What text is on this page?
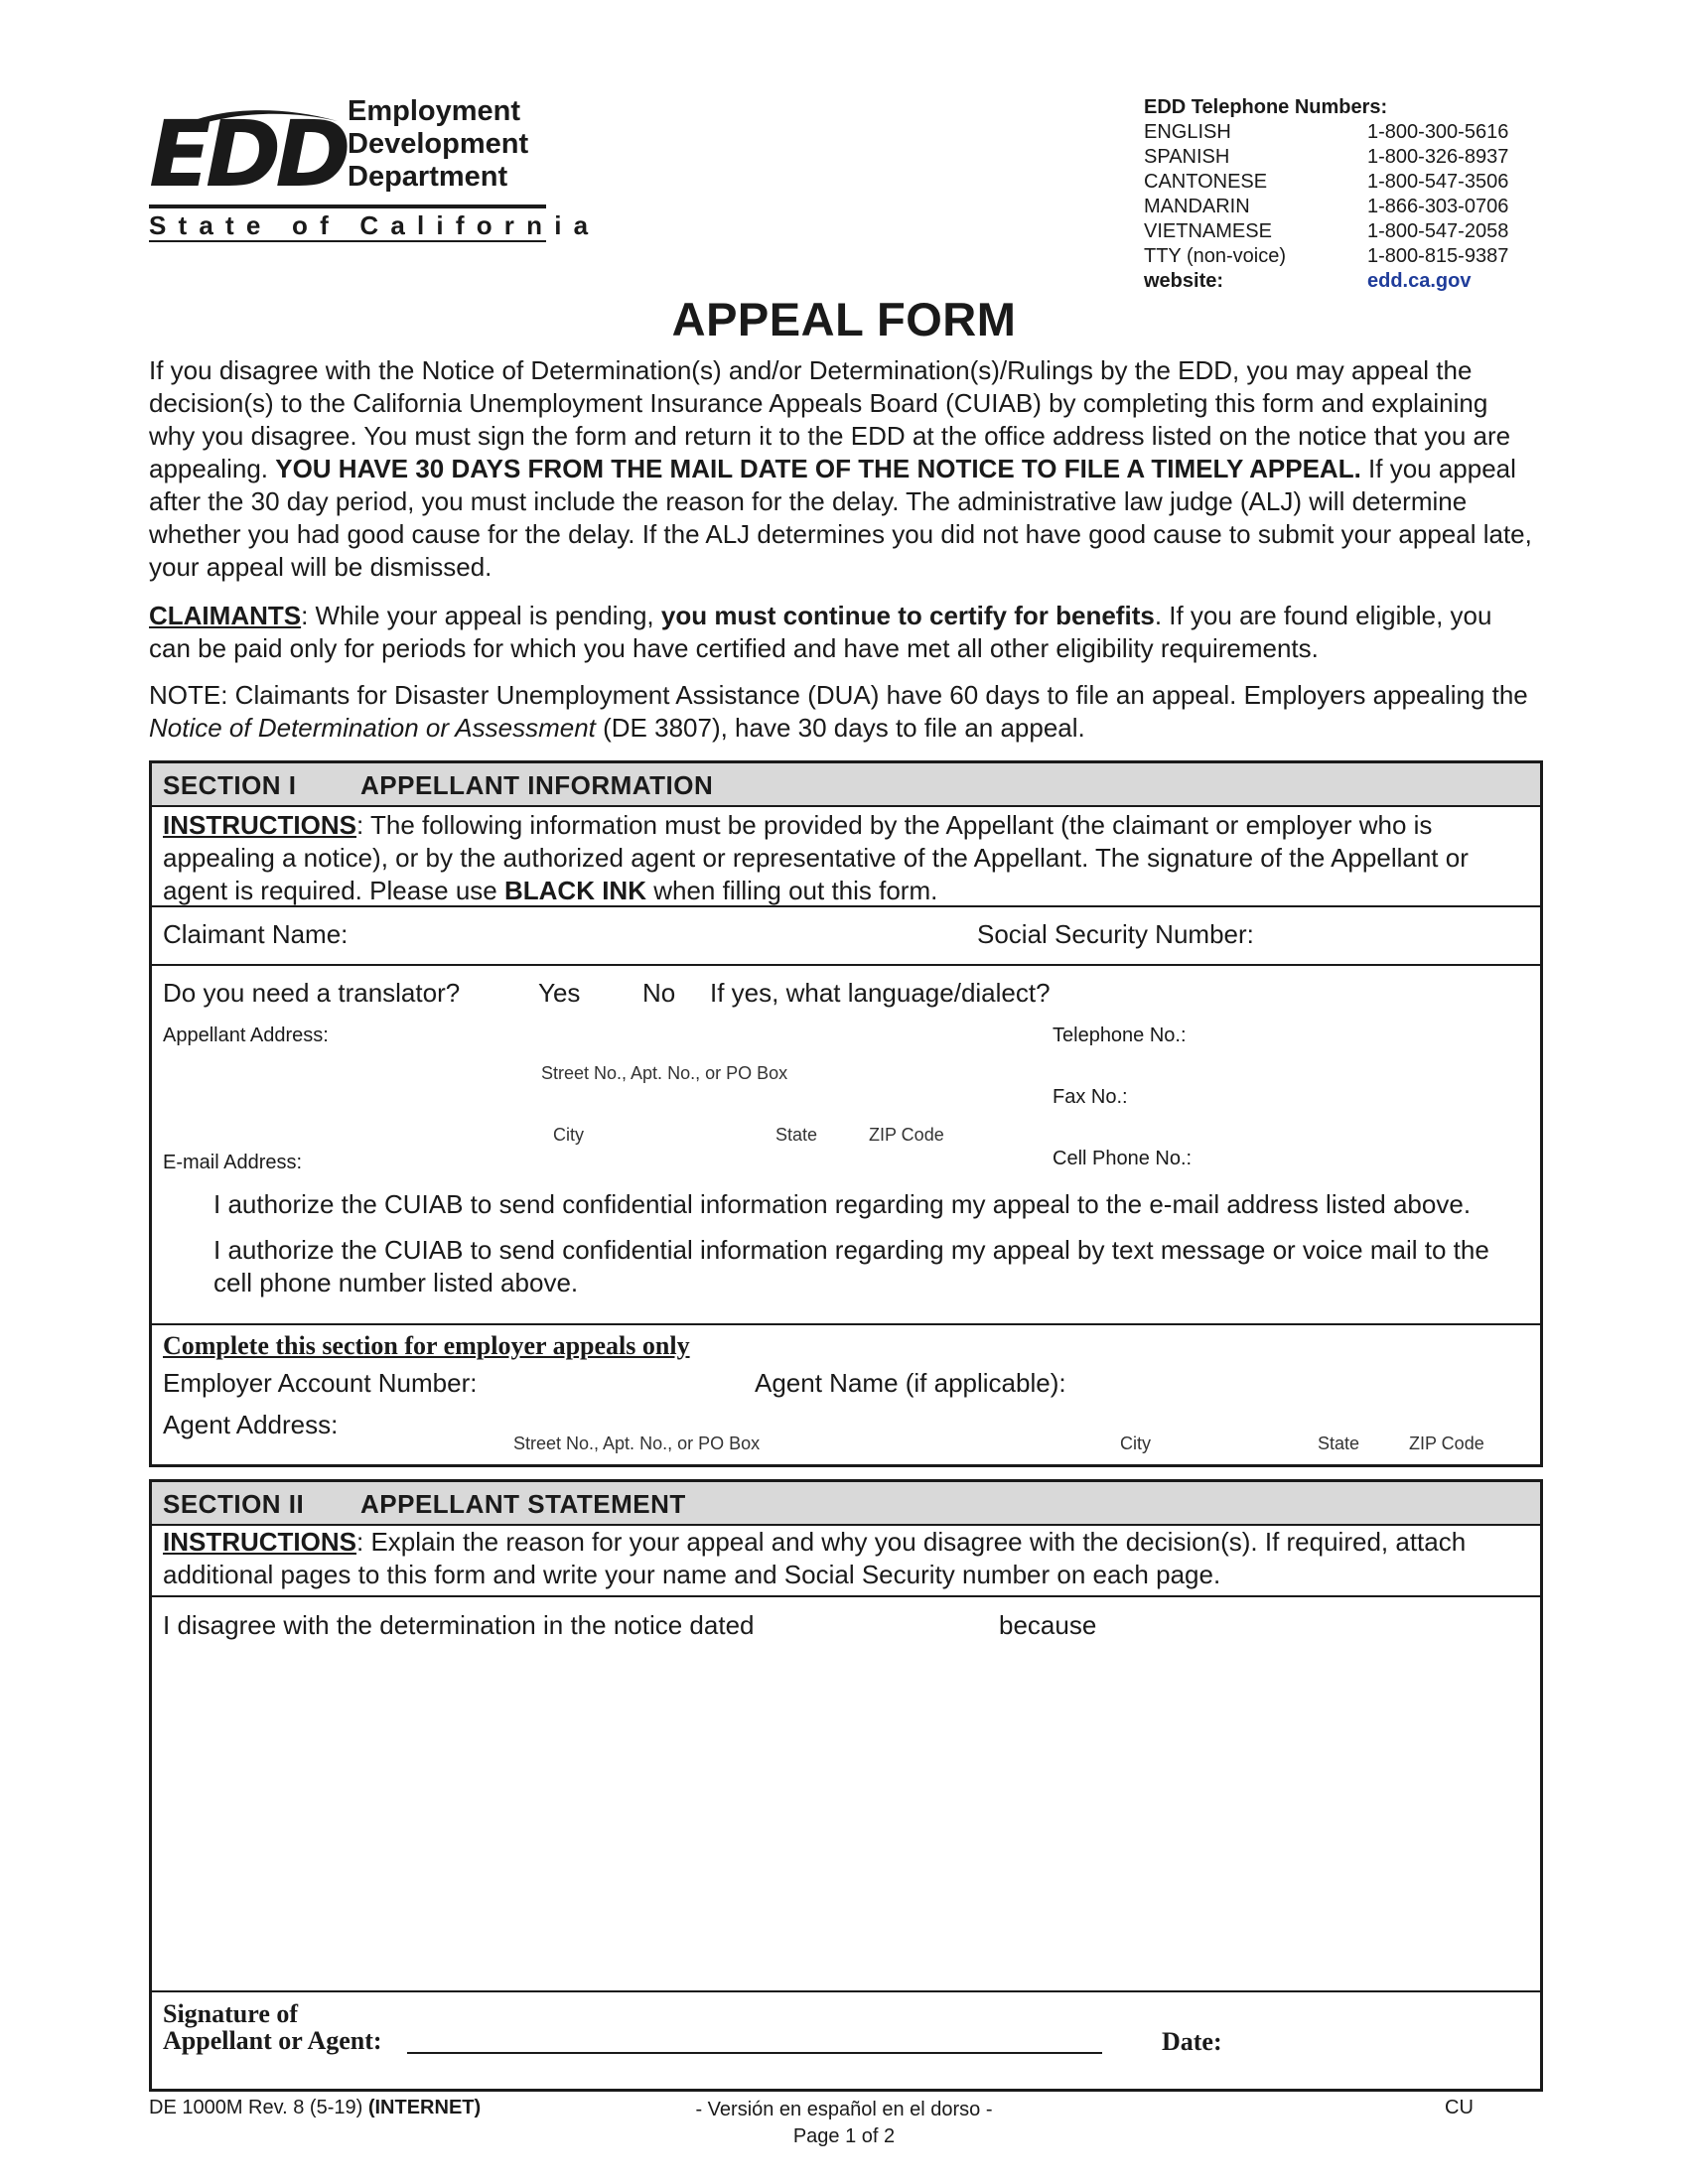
EDD Employment
Development
Department
State of California
EDD Telephone Numbers:
ENGLISH	1-800-300-5616
SPANISH	1-800-326-8937
CANTONESE	1-800-547-3506
MANDARIN	1-866-303-0706
VIETNAMESE	1-800-547-2058
TTY (non-voice)	1-800-815-9387
website:	edd.ca.gov
APPEAL FORM
If you disagree with the Notice of Determination(s) and/or Determination(s)/Rulings by the EDD, you may appeal the decision(s) to the California Unemployment Insurance Appeals Board (CUIAB) by completing this form and explaining why you disagree. You must sign the form and return it to the EDD at the office address listed on the notice that you are appealing. YOU HAVE 30 DAYS FROM THE MAIL DATE OF THE NOTICE TO FILE A TIMELY APPEAL. If you appeal after the 30 day period, you must include the reason for the delay. The administrative law judge (ALJ) will determine whether you had good cause for the delay. If the ALJ determines you did not have good cause to submit your appeal late, your appeal will be dismissed.
CLAIMANTS: While your appeal is pending, you must continue to certify for benefits. If you are found eligible, you can be paid only for periods for which you have certified and have met all other eligibility requirements.
NOTE: Claimants for Disaster Unemployment Assistance (DUA) have 60 days to file an appeal. Employers appealing the Notice of Determination or Assessment (DE 3807), have 30 days to file an appeal.
SECTION I APPELLANT INFORMATION
INSTRUCTIONS: The following information must be provided by the Appellant (the claimant or employer who is appealing a notice), or by the authorized agent or representative of the Appellant. The signature of the Appellant or agent is required. Please use BLACK INK when filling out this form.
Claimant Name:	Social Security Number:
Do you need a translator?	Yes No If yes, what language/dialect?
Appellant Address:
Street No., Apt. No., or PO Box
City	State	ZIP Code
Telephone No.:
Fax No.:
Cell Phone No.:
E-mail Address:
I authorize the CUIAB to send confidential information regarding my appeal to the e-mail address listed above.
I authorize the CUIAB to send confidential information regarding my appeal by text message or voice mail to the cell phone number listed above.
Complete this section for employer appeals only
Employer Account Number:	Agent Name (if applicable):
Agent Address:
Street No., Apt. No., or PO Box	City	State	ZIP Code
SECTION II APPELLANT STATEMENT
INSTRUCTIONS: Explain the reason for your appeal and why you disagree with the decision(s). If required, attach additional pages to this form and write your name and Social Security number on each page.
I disagree with the determination in the notice dated	because
Signature of
Appellant or Agent:	Date:
DE 1000M Rev. 8 (5-19) (INTERNET)	- Versión en español en el dorso -
Page 1 of 2
CU
